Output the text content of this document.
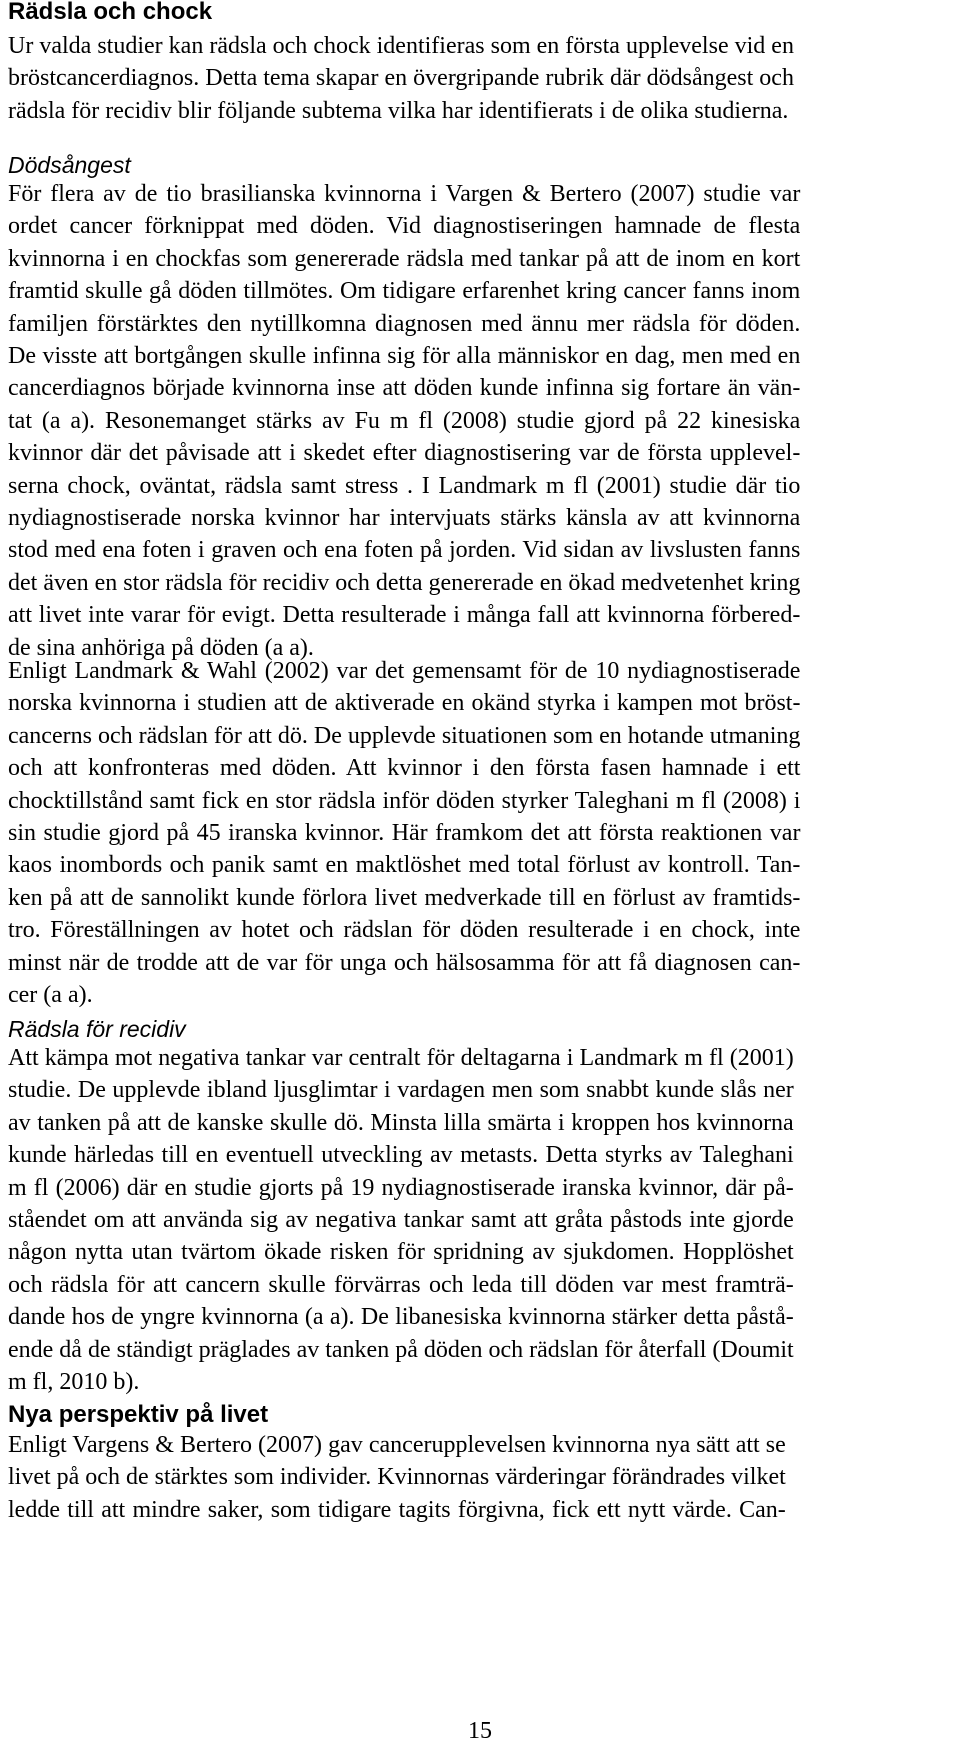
Rädsla och chock

Ur valda studier kan rädsla och chock identifieras som en första upplevelse vid en
bröstcancerdiagnos. Detta tema skapar en övergripande rubrik där dödsångest och
rädsla för recidiv blir följande subtema vilka har identifierats i de olika studierna.

Dödsångest

För flera av de tio brasilianska kvinnorna i Vargen & Bertero (2007) studie var
ordet cancer förknippat med döden. Vid diagnostiseringen hamnade de flesta
kvinnorna i en chockfas som genererade rädsla med tankar på att de inom en kort
framtid skulle gå döden tillmötes. Om tidigare erfarenhet kring cancer fanns inom
familjen förstärktes den nytillkomna diagnosen med ännu mer rädsla för döden.
De visste att bortgången skulle infinna sig för alla människor en dag, men med en
cancerdiagnos började kvinnorna inse att döden kunde infinna sig fortare än vän-
tat (a a). Resonemanget stärks av Fu m fl (2008) studie gjord på 22 kinesiska
kvinnor där det påvisade att i skedet efter diagnostisering var de första upplevel-
serna chock, oväntat, rädsla samt stress . I Landmark m fl (2001) studie där tio
nydiagnostiserade norska kvinnor har intervjuats stärks känsla av att kvinnorna
stod med ena foten i graven och ena foten på jorden. Vid sidan av livslusten fanns
det även en stor rädsla för recidiv och detta genererade en ökad medvetenhet kring
att livet inte varar för evigt. Detta resulterade i många fall att kvinnorna förbered-
de sina anhöriga på döden (a a).

Enligt Landmark & Wahl (2002) var det gemensamt för de 10 nydiagnostiserade
norska kvinnorna i studien att de aktiverade en okänd styrka i kampen mot bröst-
cancerns och rädslan för att dö. De upplevde situationen som en hotande utmaning
och att konfronteras med döden. Att kvinnor i den första fasen hamnade i ett
chocktillstånd samt fick en stor rädsla inför döden styrker Taleghani m fl (2008) i
sin studie gjord på 45 iranska kvinnor. Här framkom det att första reaktionen var
kaos inombords och panik samt en maktlöshet med total förlust av kontroll. Tan-
ken på att de sannolikt kunde förlora livet medverkade till en förlust av framtids-
tro. Föreställningen av hotet och rädslan för döden resulterade i en chock, inte
minst när de trodde att de var för unga och hälsosamma för att få diagnosen can-
cer (a a).

Rädsla för recidiv

Att kämpa mot negativa tankar var centralt för deltagarna i Landmark m fl (2001)
studie. De upplevde ibland ljusglimtar i vardagen men som snabbt kunde slås ner
av tanken på att de kanske skulle dö. Minsta lilla smärta i kroppen hos kvinnorna
kunde härledas till en eventuell utveckling av metasts. Detta styrks av Taleghani
m fl (2006) där en studie gjorts på 19 nydiagnostiserade iranska kvinnor, där på-
ståendet om att använda sig av negativa tankar samt att gråta påstods inte gjorde
någon nytta utan tvärtom ökade risken för spridning av sjukdomen. Hopplöshet
och rädsla för att cancern skulle förvärras och leda till döden var mest framträ-
dande hos de yngre kvinnorna (a a). De libanesiska kvinnorna stärker detta påstå-
ende då de ständigt präglades av tanken på döden och rädslan för återfall (Doumit
m fl, 2010 b).

Nya perspektiv på livet

Enligt Vargens & Bertero (2007) gav cancerupplevelsen kvinnorna nya sätt att se
livet på och de stärktes som individer. Kvinnornas värderingar förändrades vilket
ledde till att mindre saker, som tidigare tagits förgivna, fick ett nytt värde. Can-

15
